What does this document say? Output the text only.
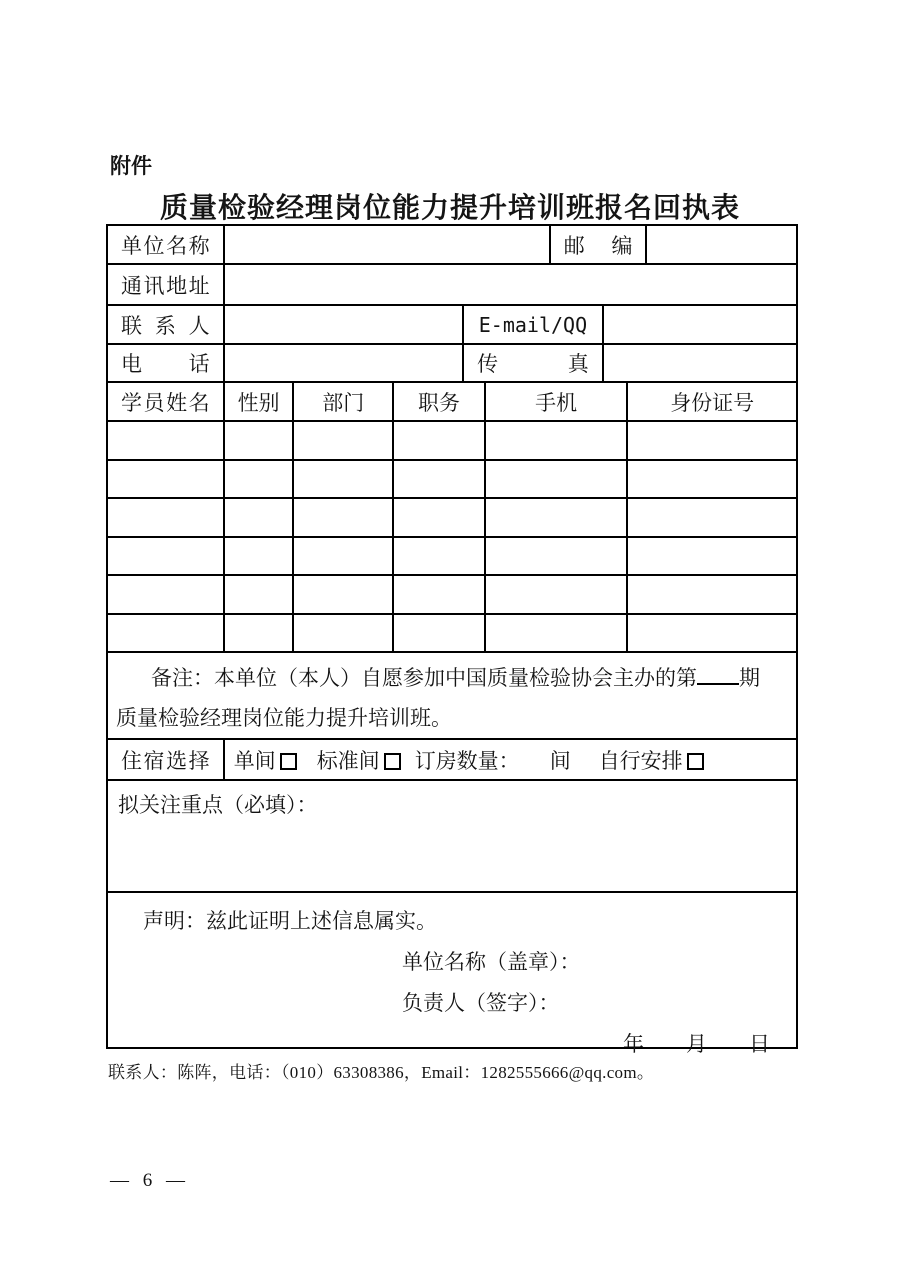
附件
质量检验经理岗位能力提升培训班报名回执表
单位名称	邮编
通讯地址
联系人	E-mail/QQ
电话	传真
学员姓名	性别	部门	职务	手机	身份证号
备注：本单位（本人）自愿参加中国质量检验协会主办的第 期
质量检验经理岗位能力提升培训班。
住宿选择	单间	标准间	订房数量： 间 自行安排
拟关注重点（必填）：
声明：兹此证明上述信息属实。
单位名称（盖章）：
负责人（签字）：
年　　月　　日
联系人：陈阵，电话：（010）63308386，Email：1282555666@qq.com。
— 6 —
